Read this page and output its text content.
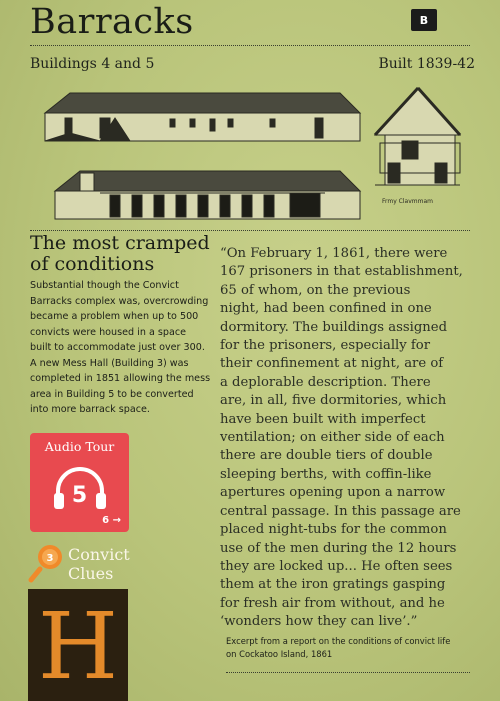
Barracks	B
Buildings 4 and 5	Built 1839-42
Frmy Clavmmam
The most cramped
of conditions
Substantial though the Convict
Barracks complex was, overcrowding
became a problem when up to 500
convicts were housed in a space
built to accommodate just over 300.
A new Mess Hall (Building 3) was
completed in 1851 allowing the mess
area in Building 5 to be converted
into more barrack space.
Audio Tour
5
6 →
3 Convict
Clues
H
“On February 1, 1861, there were
167 prisoners in that establishment,
65 of whom, on the previous
night, had been confined in one
dormitory. The buildings assigned
for the prisoners, especially for
their confinement at night, are of
a deplorable description. There
are, in all, five dormitories, which
have been built with imperfect
ventilation; on either side of each
there are double tiers of double
sleeping berths, with coffin-like
apertures opening upon a narrow
central passage. In this passage are
placed night-tubs for the common
use of the men during the 12 hours
they are locked up... He often sees
them at the iron gratings gasping
for fresh air from without, and he
‘wonders how they can live’.”
Excerpt from a report on the conditions of convict life
on Cockatoo Island, 1861
